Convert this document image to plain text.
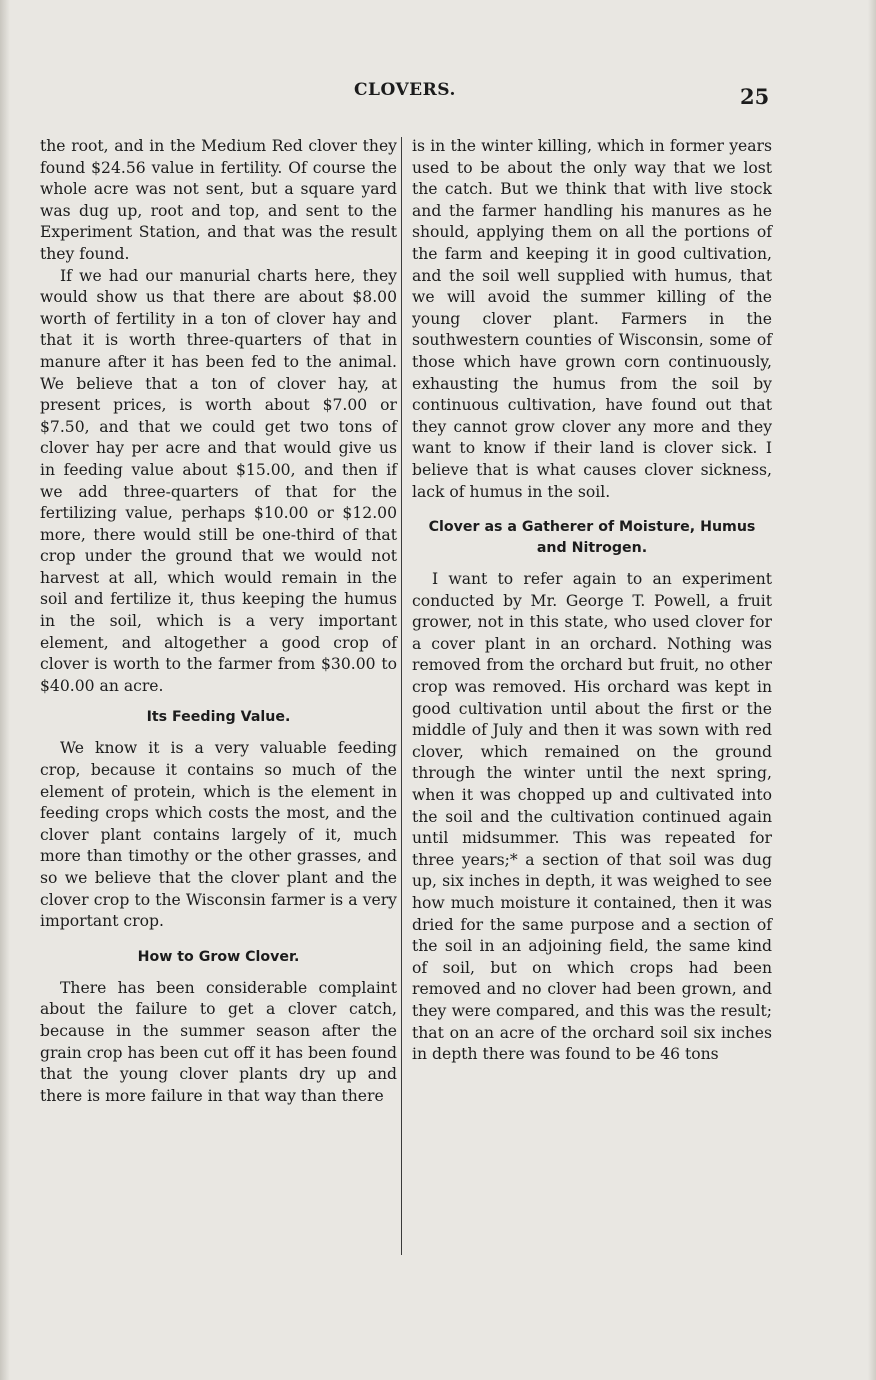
CLOVERS.	25

the root, and in the Medium Red clover they found $24.56 value in fertility. Of course the whole acre was not sent, but a square yard was dug up, root and top, and sent to the Experiment Station, and that was the result they found.

If we had our manurial charts here, they would show us that there are about $8.00 worth of fertility in a ton of clover hay and that it is worth three-quarters of that in manure after it has been fed to the animal. We believe that a ton of clover hay, at present prices, is worth about $7.00 or $7.50, and that we could get two tons of clover hay per acre and that would give us in feeding value about $15.00, and then if we add three-quarters of that for the fertilizing value, perhaps $10.00 or $12.00 more, there would still be one-third of that crop under the ground that we would not harvest at all, which would remain in the soil and fertilize it, thus keeping the humus in the soil, which is a very important element, and altogether a good crop of clover is worth to the farmer from $30.00 to $40.00 an acre.

Its Feeding Value.

We know it is a very valuable feeding crop, because it contains so much of the element of protein, which is the element in feeding crops which costs the most, and the clover plant contains largely of it, much more than timothy or the other grasses, and so we believe that the clover plant and the clover crop to the Wisconsin farmer is a very important crop.

How to Grow Clover.

There has been considerable complaint about the failure to get a clover catch, because in the summer season after the grain crop has been cut off it has been found that the young clover plants dry up and there is more failure in that way than there

is in the winter killing, which in former years used to be about the only way that we lost the catch. But we think that with live stock and the farmer handling his manures as he should, applying them on all the portions of the farm and keeping it in good cultivation, and the soil well supplied with humus, that we will avoid the summer killing of the young clover plant. Farmers in the southwestern counties of Wisconsin, some of those which have grown corn continuously, exhausting the humus from the soil by continuous cultivation, have found out that they cannot grow clover any more and they want to know if their land is clover sick. I believe that is what causes clover sickness, lack of humus in the soil.

Clover as a Gatherer of Moisture, Humus and Nitrogen.

I want to refer again to an experiment conducted by Mr. George T. Powell, a fruit grower, not in this state, who used clover for a cover plant in an orchard. Nothing was removed from the orchard but fruit, no other crop was removed. His orchard was kept in good cultivation until about the first or the middle of July and then it was sown with red clover, which remained on the ground through the winter until the next spring, when it was chopped up and cultivated into the soil and the cultivation continued again until midsummer. This was repeated for three years;* a section of that soil was dug up, six inches in depth, it was weighed to see how much moisture it contained, then it was dried for the same purpose and a section of the soil in an adjoining field, the same kind of soil, but on which crops had been removed and no clover had been grown, and they were compared, and this was the result; that on an acre of the orchard soil six inches in depth there was found to be 46 tons
